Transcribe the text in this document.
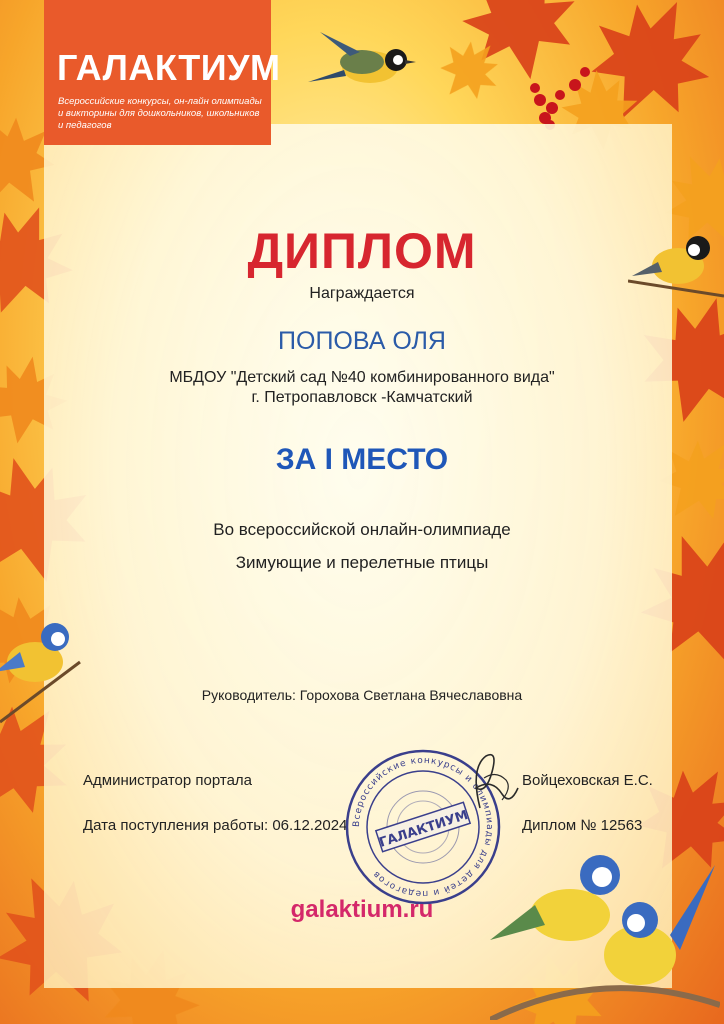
ГАЛАКТИУМ
Всероссийские конкурсы, он-лайн олимпиады и викторины для дошкольников, школьников и педагогов
ДИПЛОМ
Награждается
ПОПОВА ОЛЯ
МБДОУ "Детский сад №40 комбинированного вида"
г. Петропавловск -Камчатский
ЗА I МЕСТО
Во всероссийской онлайн-олимпиаде
Зимующие и перелетные птицы
Руководитель: Горохова Светлана Вячеславовна
Администратор портала	Войцеховская Е.С.
Дата поступления работы: 06.12.2024	Диплом № 12563
Всероссийские конкурсы и олимпиады для детей и педагогов
ГАЛАКТИУМ
galaktium.ru
